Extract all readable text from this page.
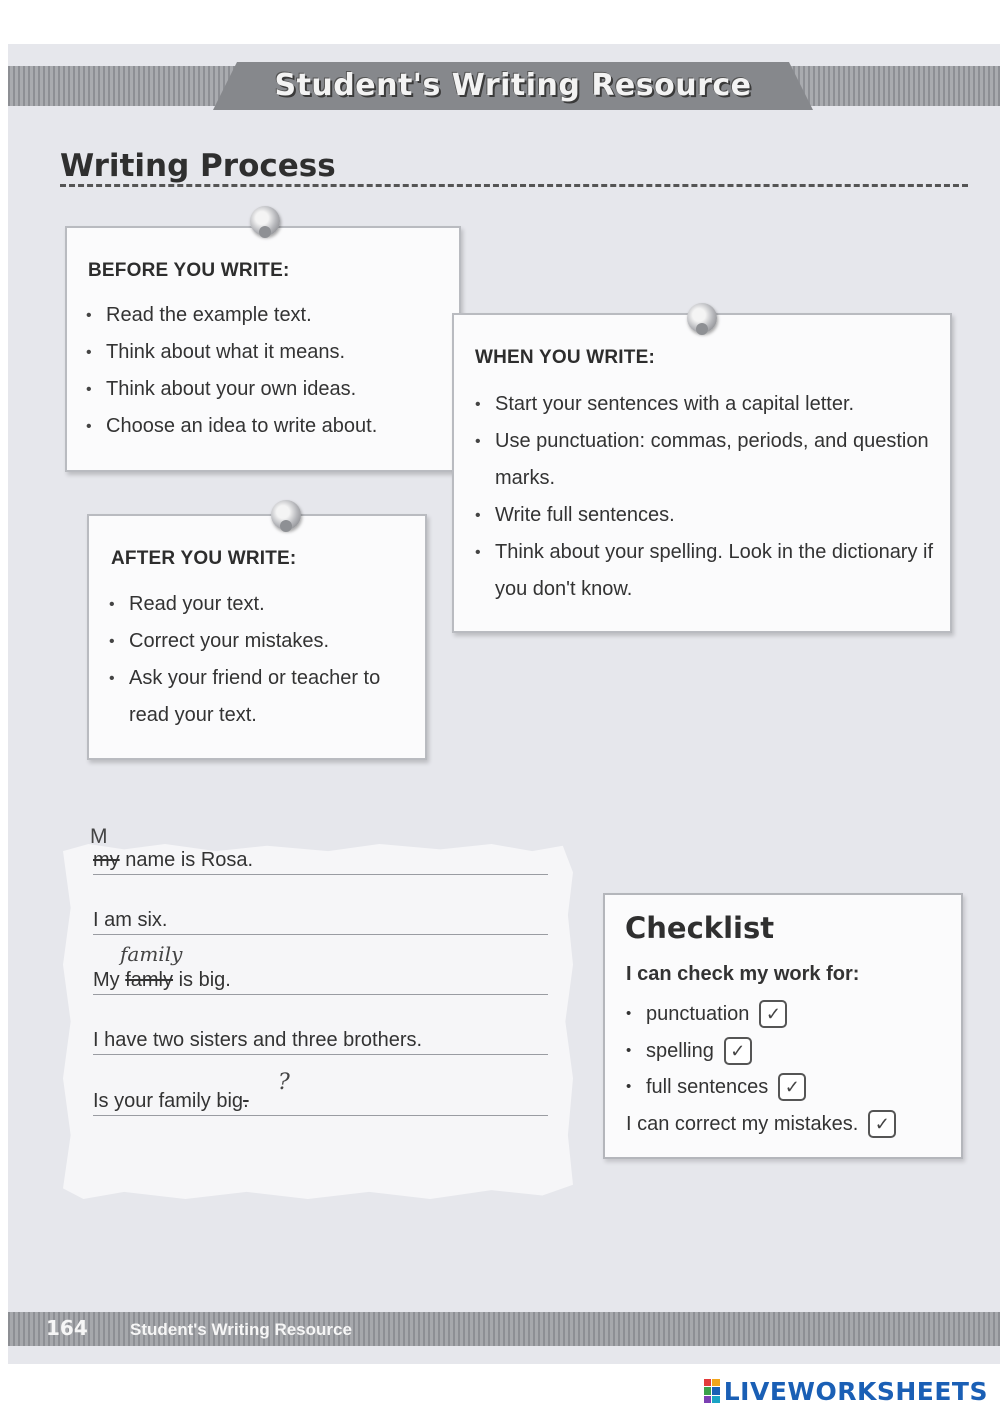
Student's Writing Resource
Writing Process
BEFORE YOU WRITE:
• Read the example text.
• Think about what it means.
• Think about your own ideas.
• Choose an idea to write about.
WHEN YOU WRITE:
• Start your sentences with a capital letter.
• Use punctuation: commas, periods, and question marks.
• Write full sentences.
• Think about your spelling. Look in the dictionary if you don't know.
AFTER YOU WRITE:
• Read your text.
• Correct your mistakes.
• Ask your friend or teacher to read your text.
M
my name is Rosa.
I am six.
family
My famly is big.
I have two sisters and three brothers.
?
Is your family big.
Checklist
I can check my work for:
• punctuation ✓
• spelling ✓
• full sentences ✓
I can correct my mistakes. ✓
164 Student's Writing Resource
LIVEWORKSHEETS
